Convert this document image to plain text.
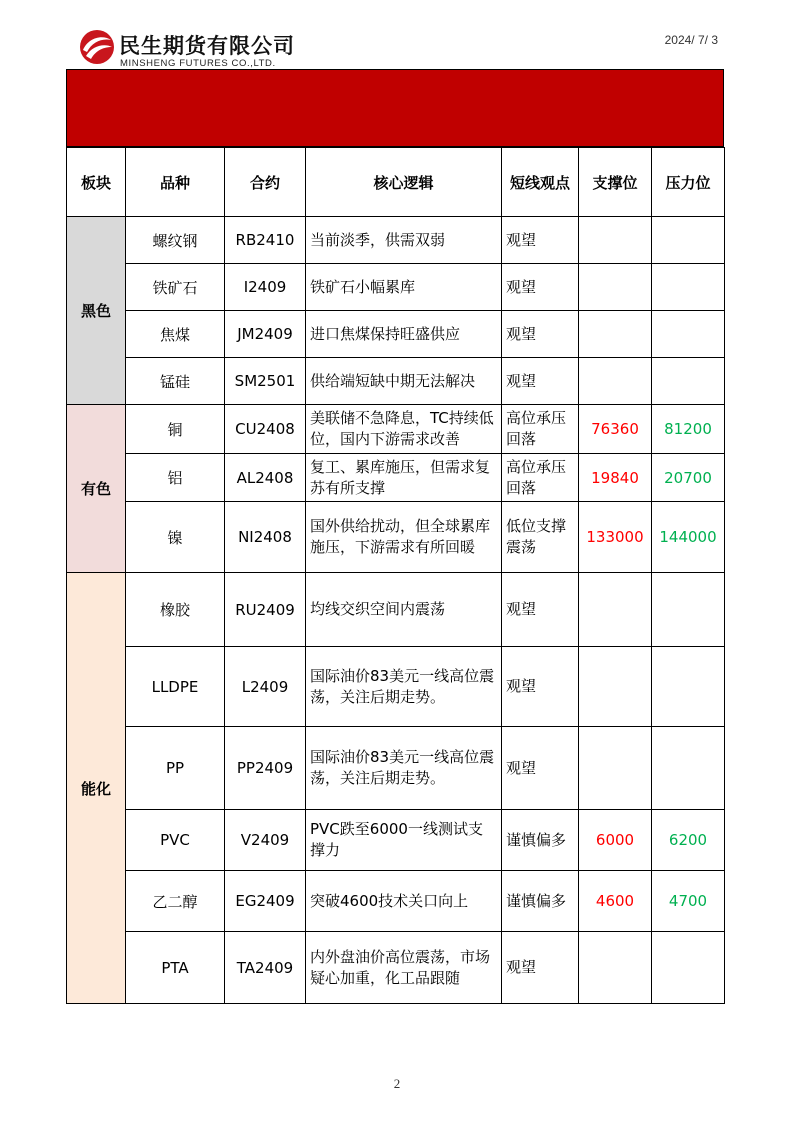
民生期货有限公司
MINSHENG FUTURES CO.,LTD.
2024/ 7/ 3
板块	品种	合约	核心逻辑	短线观点	支撑位	压力位
黑色	螺纹钢	RB2410	当前淡季，供需双弱	观望		
	铁矿石	I2409	铁矿石小幅累库	观望		
	焦煤	JM2409	进口焦煤保持旺盛供应	观望		
	锰硅	SM2501	供给端短缺中期无法解决	观望		
有色	铜	CU2408	美联储不急降息，TC持续低位，国内下游需求改善	高位承压回落	76360	81200
	铝	AL2408	复工、累库施压，但需求复苏有所支撑	高位承压回落	19840	20700
	镍	NI2408	国外供给扰动，但全球累库施压，下游需求有所回暖	低位支撑震荡	133000	144000
能化	橡胶	RU2409	均线交织空间内震荡	观望		
	LLDPE	L2409	国际油价83美元一线高位震荡，关注后期走势。	观望		
	PP	PP2409	国际油价83美元一线高位震荡，关注后期走势。	观望		
	PVC	V2409	PVC跌至6000一线测试支撑力	谨慎偏多	6000	6200
	乙二醇	EG2409	突破4600技术关口向上	谨慎偏多	4600	4700
	PTA	TA2409	内外盘油价高位震荡，市场疑心加重，化工品跟随	观望		
2
